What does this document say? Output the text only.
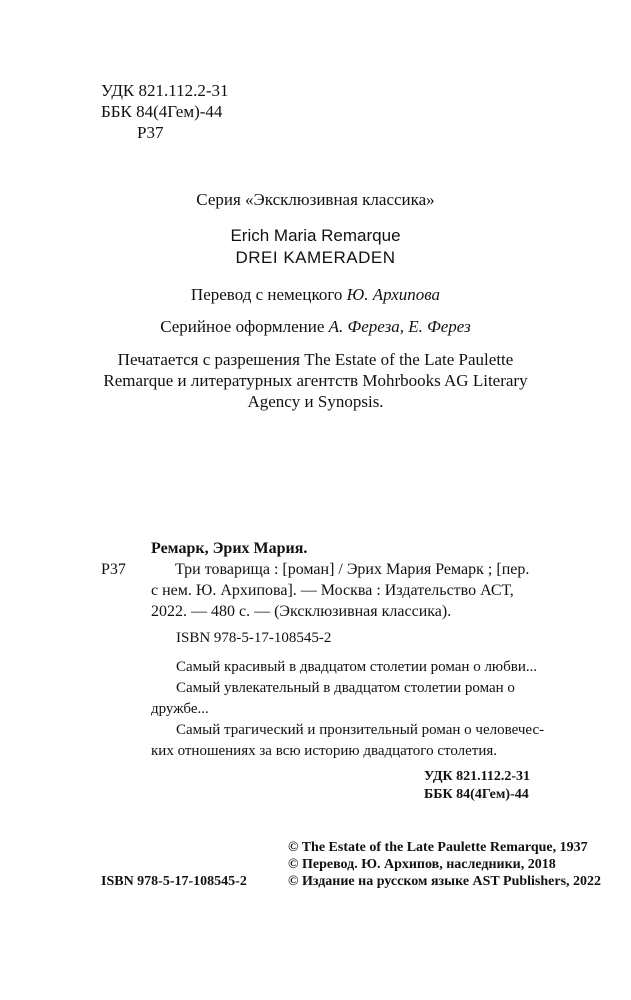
УДК 821.112.2-31
ББК 84(4Гем)-44
Р37
Серия «Эксклюзивная классика»
Erich Maria Remarque
DREI KAMERADEN
Перевод с немецкого Ю. Архипова
Серийное оформление А. Фереза, Е. Ферез
Печатается с разрешения The Estate of the Late Paulette
Remarque и литературных агентств Mohrbooks AG Literary
Agency и Synopsis.
Ремарк, Эрих Мария.
Р37	Три товарища : [роман] / Эрих Мария Ремарк ; [пер.
с нем. Ю. Архипова]. — Москва : Издательство АСТ,
2022. — 480 с. — (Эксклюзивная классика).
ISBN 978-5-17-108545-2
Самый красивый в двадцатом столетии роман о любви...
Самый увлекательный в двадцатом столетии роман о
дружбе...
Самый трагический и пронзительный роман о человечес-
ких отношениях за всю историю двадцатого столетия.
УДК 821.112.2-31
ББК 84(4Гем)-44
© The Estate of the Late Paulette Remarque, 1937
© Перевод. Ю. Архипов, наследники, 2018
ISBN 978-5-17-108545-2	© Издание на русском языке AST Publishers, 2022
